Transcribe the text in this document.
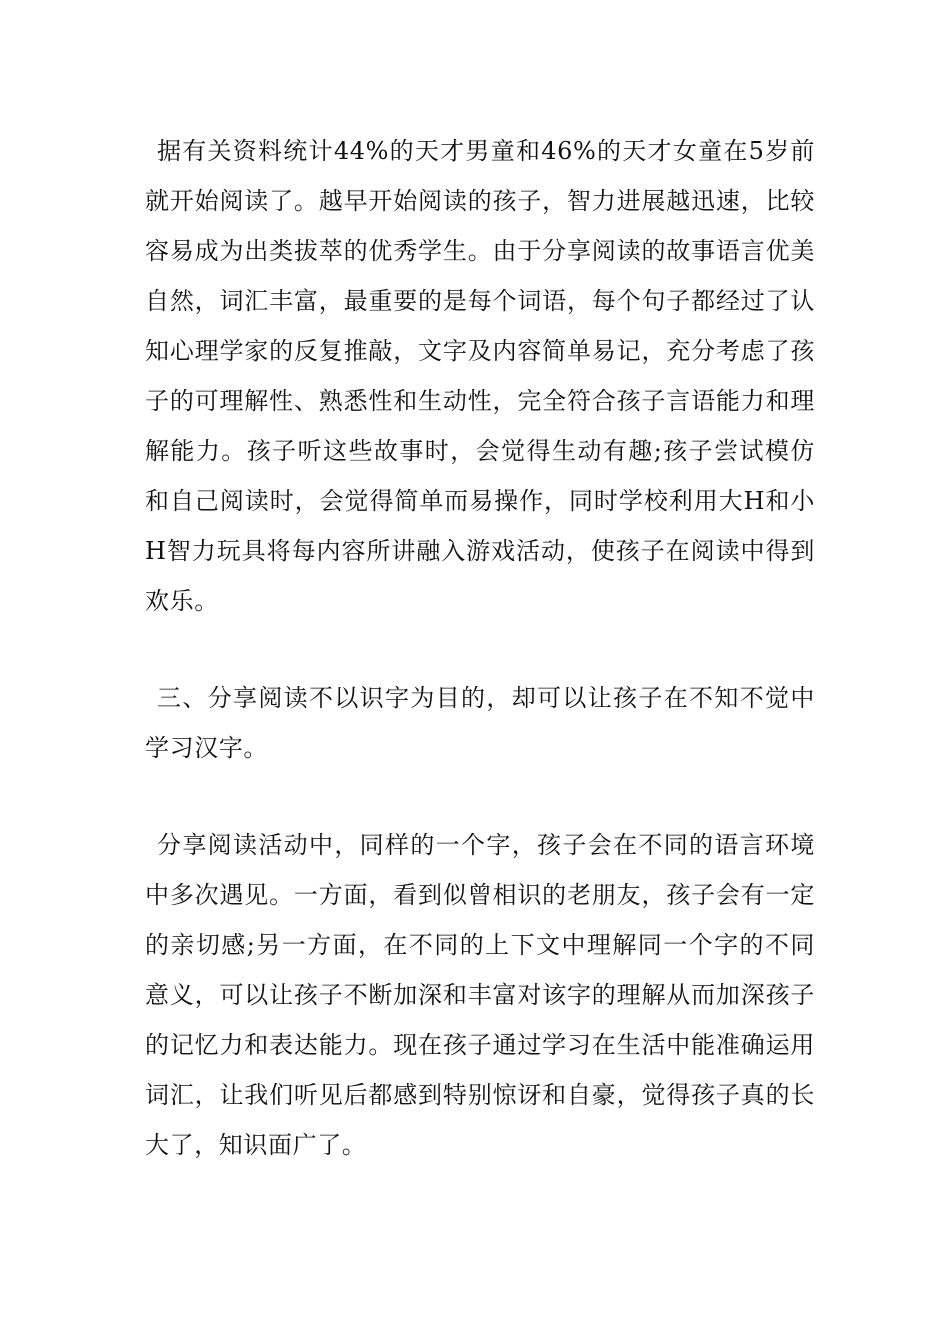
据有关资料统计44%的天才男童和46%的天才女童在5岁前就开始阅读了。越早开始阅读的孩子，智力进展越迅速，比较容易成为出类拔萃的优秀学生。由于分享阅读的故事语言优美自然，词汇丰富，最重要的是每个词语，每个句子都经过了认知心理学家的反复推敲，文字及内容简单易记，充分考虑了孩子的可理解性、熟悉性和生动性，完全符合孩子言语能力和理解能力。孩子听这些故事时，会觉得生动有趣;孩子尝试模仿和自己阅读时，会觉得简单而易操作，同时学校利用大H和小H智力玩具将每内容所讲融入游戏活动，使孩子在阅读中得到欢乐。

三、分享阅读不以识字为目的，却可以让孩子在不知不觉中学习汉字。

分享阅读活动中，同样的一个字，孩子会在不同的语言环境中多次遇见。一方面，看到似曾相识的老朋友，孩子会有一定的亲切感;另一方面，在不同的上下文中理解同一个字的不同意义，可以让孩子不断加深和丰富对该字的理解从而加深孩子的记忆力和表达能力。现在孩子通过学习在生活中能准确运用词汇，让我们听见后都感到特别惊讶和自豪，觉得孩子真的长大了，知识面广了。
